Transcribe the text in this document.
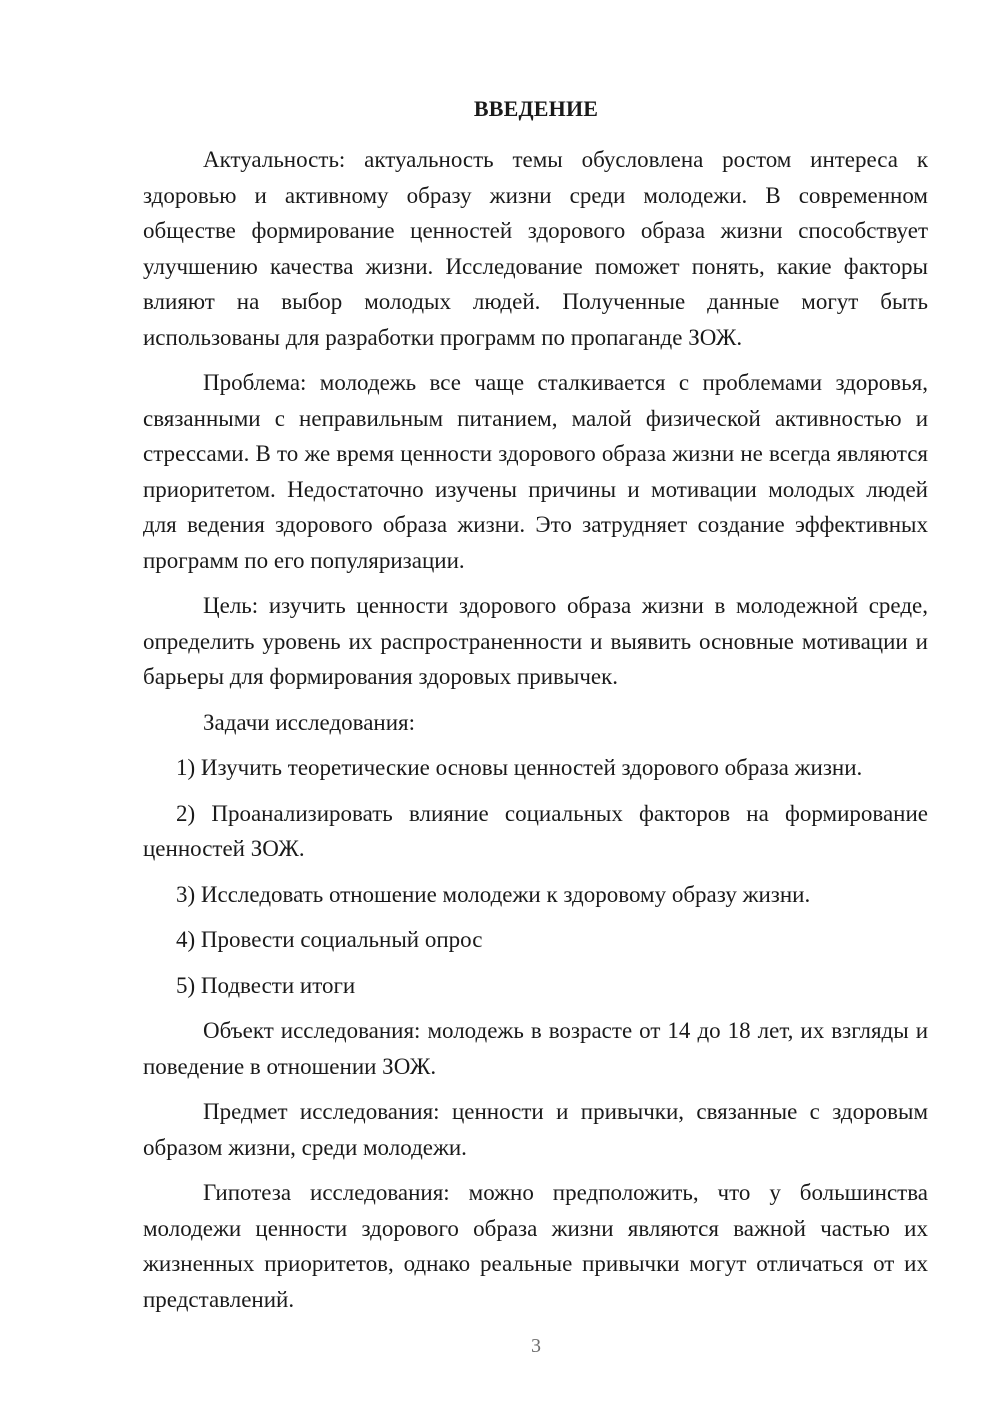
ВВЕДЕНИЕ

Актуальность: актуальность темы обусловлена ростом интереса к здоровью и активному образу жизни среди молодежи. В современном обществе формирование ценностей здорового образа жизни способствует улучшению качества жизни. Исследование поможет понять, какие факторы влияют на выбор молодых людей. Полученные данные могут быть использованы для разработки программ по пропаганде ЗОЖ.

Проблема: молодежь все чаще сталкивается с проблемами здоровья, связанными с неправильным питанием, малой физической активностью и стрессами. В то же время ценности здорового образа жизни не всегда являются приоритетом. Недостаточно изучены причины и мотивации молодых людей для ведения здорового образа жизни. Это затрудняет создание эффективных программ по его популяризации.

Цель: изучить ценности здорового образа жизни в молодежной среде, определить уровень их распространенности и выявить основные мотивации и барьеры для формирования здоровых привычек.

Задачи исследования:

1) Изучить теоретические основы ценностей здорового образа жизни.

2) Проанализировать влияние социальных факторов на формирование ценностей ЗОЖ.

3) Исследовать отношение молодежи к здоровому образу жизни.

4) Провести социальный опрос

5) Подвести итоги

Объект исследования: молодежь в возрасте от 14 до 18 лет, их взгляды и поведение в отношении ЗОЖ.

Предмет исследования: ценности и привычки, связанные с здоровым образом жизни, среди молодежи.

Гипотеза исследования: можно предположить, что у большинства молодежи ценности здорового образа жизни являются важной частью их жизненных приоритетов, однако реальные привычки могут отличаться от их представлений.

3
